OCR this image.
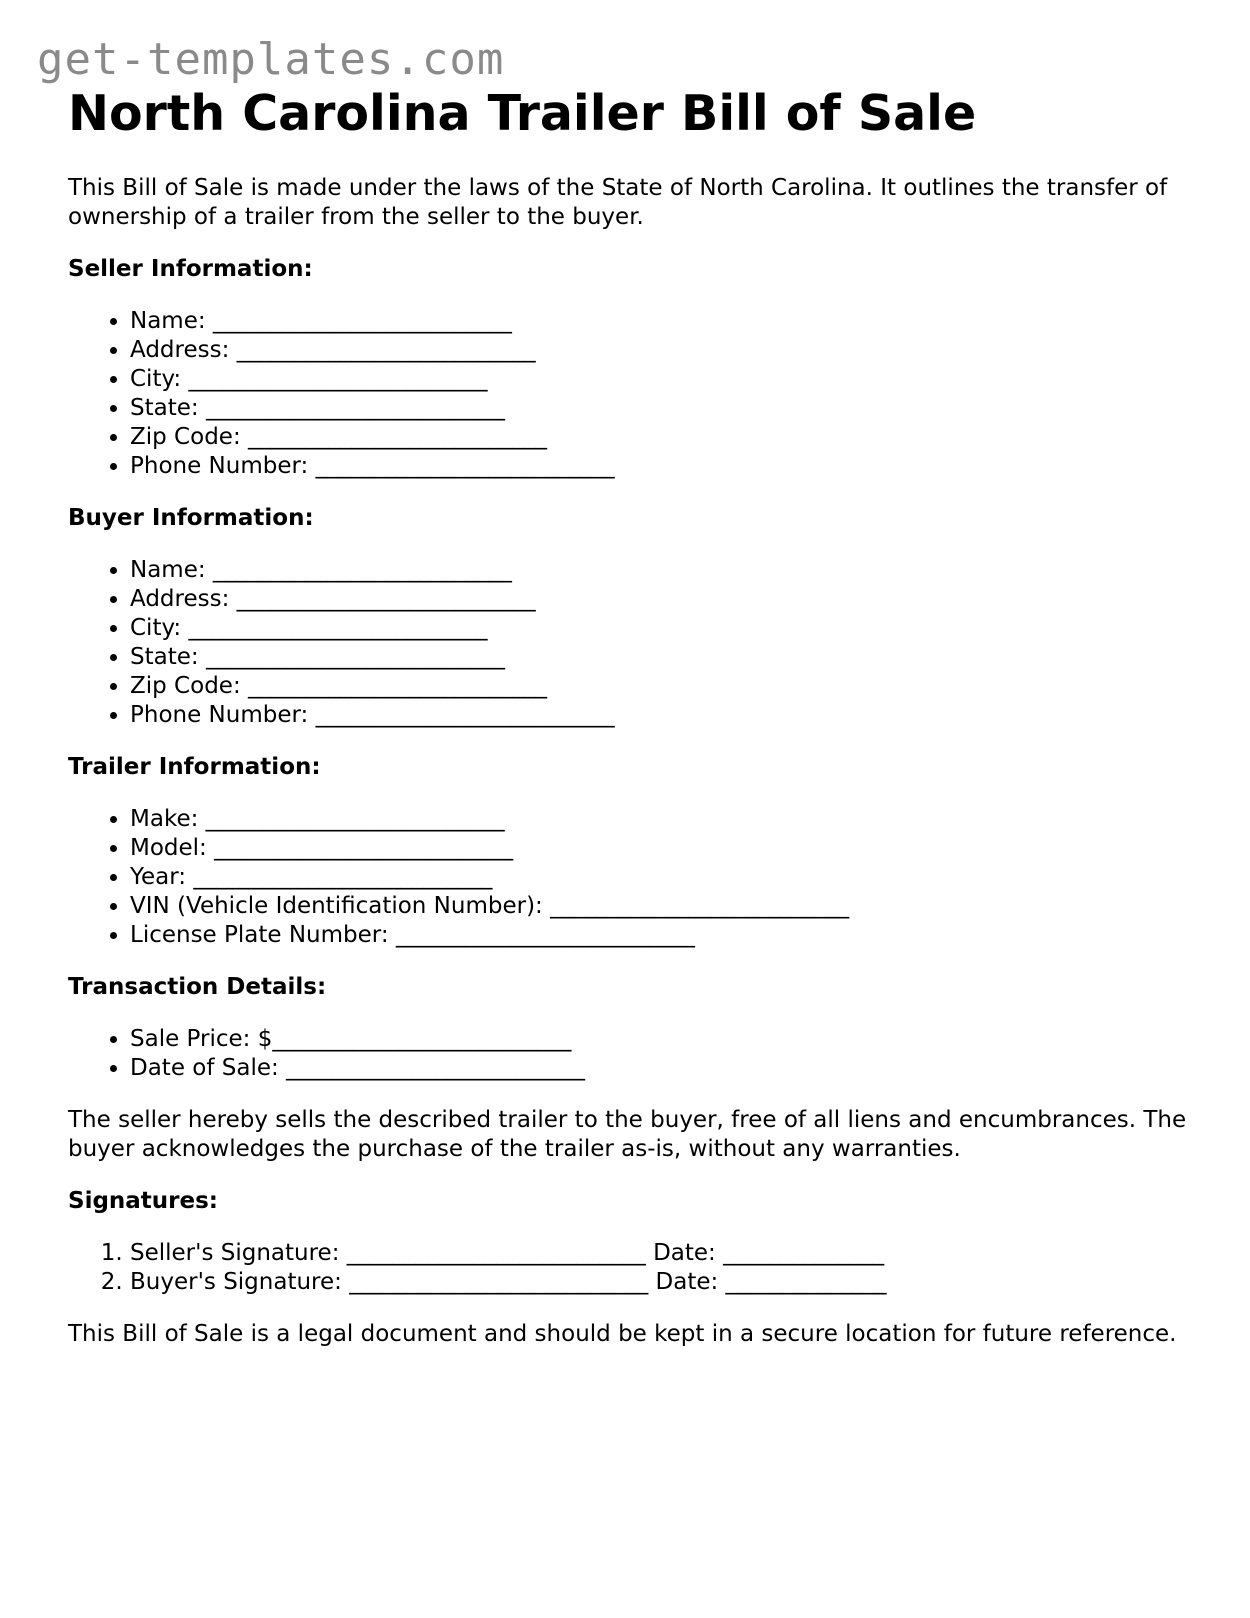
get-templates.com
North Carolina Trailer Bill of Sale

This Bill of Sale is made under the laws of the State of North Carolina. It outlines the transfer of ownership of a trailer from the seller to the buyer.

Seller Information:
• Name: __________________________
• Address: __________________________
• City: __________________________
• State: __________________________
• Zip Code: __________________________
• Phone Number: __________________________
Buyer Information:
• Name: __________________________
• Address: __________________________
• City: __________________________
• State: __________________________
• Zip Code: __________________________
• Phone Number: __________________________
Trailer Information:
• Make: __________________________
• Model: __________________________
• Year: __________________________
• VIN (Vehicle Identification Number): __________________________
• License Plate Number: __________________________
Transaction Details:
• Sale Price: $__________________________
• Date of Sale: __________________________

The seller hereby sells the described trailer to the buyer, free of all liens and encumbrances. The buyer acknowledges the purchase of the trailer as-is, without any warranties.

Signatures:
1. Seller's Signature: __________________________ Date: ______________
2. Buyer's Signature: __________________________ Date: ______________

This Bill of Sale is a legal document and should be kept in a secure location for future reference.
